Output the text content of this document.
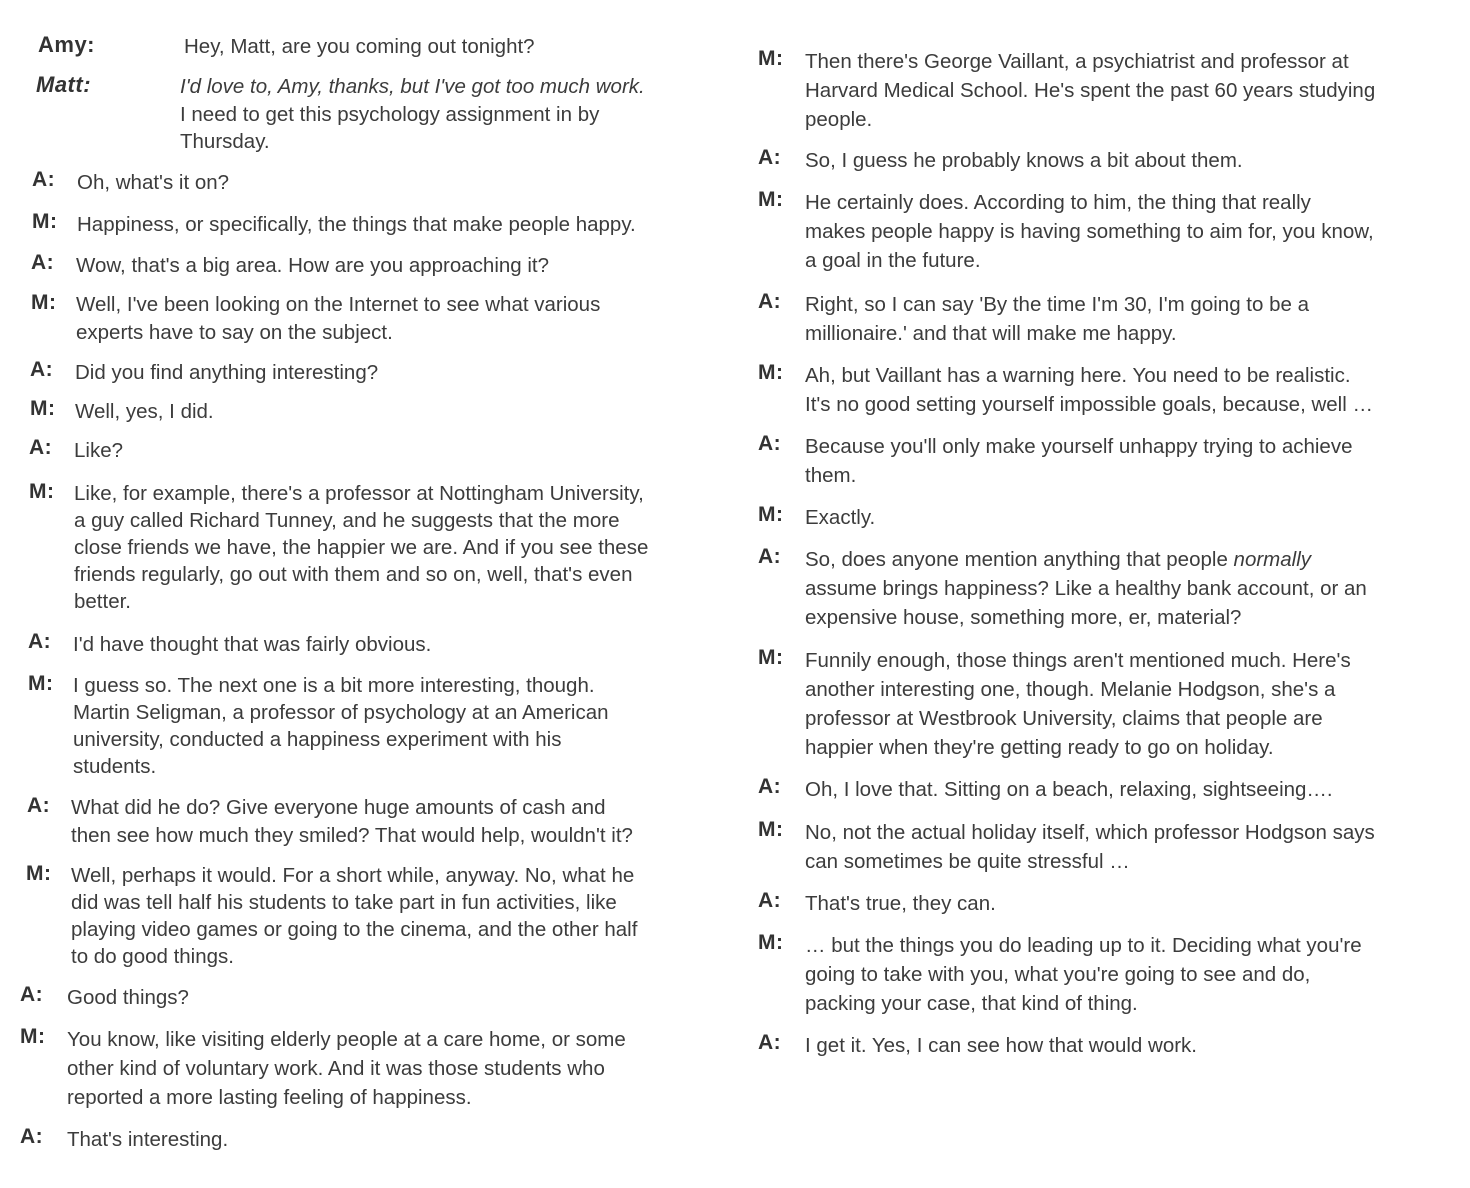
Amy:	Hey, Matt, are you coming out tonight?
Matt:	I'd love to, Amy, thanks, but I've got too much work.
I need to get this psychology assignment in by
Thursday.
A:	Oh, what's it on?
M: Happiness, or specifically, the things that make people happy.
A:	Wow, that's a big area. How are you approaching it?
M: Well, I've been looking on the Internet to see what various
experts have to say on the subject.
A:	Did you find anything interesting?
M: Well, yes, I did.
A:	Like?
M: Like, for example, there's a professor at Nottingham University,
a guy called Richard Tunney, and he suggests that the more
close friends we have, the happier we are. And if you see these
friends regularly, go out with them and so on, well, that's even
better.
A:	I'd have thought that was fairly obvious.
M: I guess so. The next one is a bit more interesting, though.
Martin Seligman, a professor of psychology at an American
university, conducted a happiness experiment with his
students.
A:	What did he do? Give everyone huge amounts of cash and
then see how much they smiled? That would help, wouldn't it?
M: Well, perhaps it would. For a short while, anyway. No, what he
did was tell half his students to take part in fun activities, like
playing video games or going to the cinema, and the other half
to do good things.
A:	Good things?
M:	You know, like visiting elderly people at a care home, or some
other kind of voluntary work. And it was those students who
reported a more lasting feeling of happiness.
A:	That's interesting.
M:	Then there's George Vaillant, a psychiatrist and professor at
Harvard Medical School. He's spent the past 60 years studying
people.
A:	So, I guess he probably knows a bit about them.
M:	He certainly does. According to him, the thing that really
makes people happy is having something to aim for, you know,
a goal in the future.
A:	Right, so I can say 'By the time I'm 30, I'm going to be a
millionaire.' and that will make me happy.
M:	Ah, but Vaillant has a warning here. You need to be realistic.
It's no good setting yourself impossible goals, because, well …
A:	Because you'll only make yourself unhappy trying to achieve
them.
M:	Exactly.
A:	So, does anyone mention anything that people normally
assume brings happiness? Like a healthy bank account, or an
expensive house, something more, er, material?
M:	Funnily enough, those things aren't mentioned much. Here's
another interesting one, though. Melanie Hodgson, she's a
professor at Westbrook University, claims that people are
happier when they're getting ready to go on holiday.
A:	Oh, I love that. Sitting on a beach, relaxing, sightseeing….
M:	No, not the actual holiday itself, which professor Hodgson says
can sometimes be quite stressful …
A:	That's true, they can.
M:	… but the things you do leading up to it. Deciding what you're
going to take with you, what you're going to see and do,
packing your case, that kind of thing.
A:	I get it. Yes, I can see how that would work.
